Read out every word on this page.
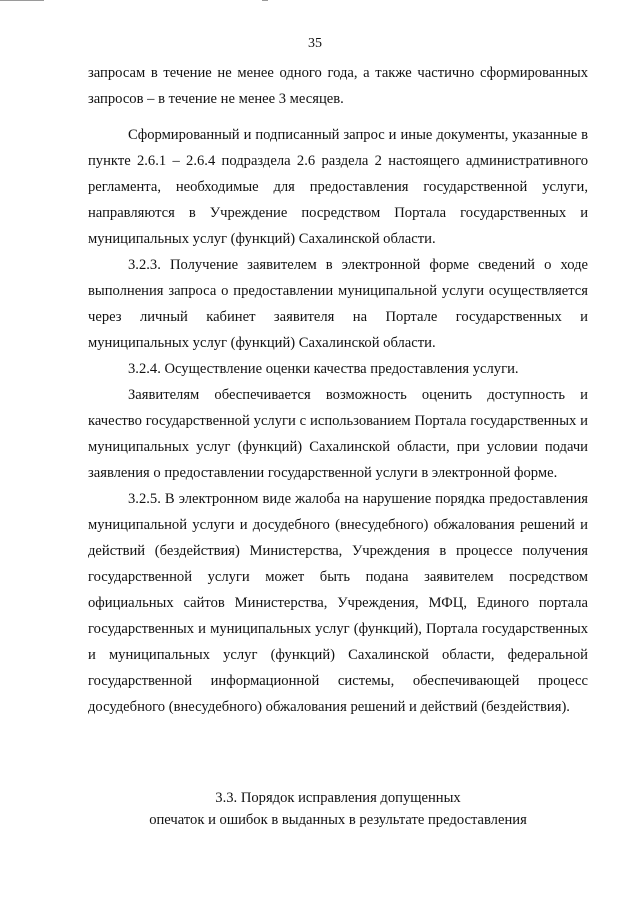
35

запросам в течение не менее одного года, а также частично сформированных запросов – в течение не менее 3 месяцев.

Сформированный и подписанный запрос и иные документы, указанные в пункте 2.6.1 – 2.6.4 подраздела 2.6 раздела 2 настоящего административного регламента, необходимые для предоставления государственной услуги, направляются в Учреждение посредством Портала государственных и муниципальных услуг (функций) Сахалинской области.

3.2.3. Получение заявителем в электронной форме сведений о ходе выполнения запроса о предоставлении муниципальной услуги осуществляется через личный кабинет заявителя на Портале государственных и муниципальных услуг (функций) Сахалинской области.

3.2.4. Осуществление оценки качества предоставления услуги.

Заявителям обеспечивается возможность оценить доступность и качество государственной услуги с использованием Портала государственных и муниципальных услуг (функций) Сахалинской области, при условии подачи заявления о предоставлении государственной услуги в электронной форме.

3.2.5. В электронном виде жалоба на нарушение порядка предоставления муниципальной услуги и досудебного (внесудебного) обжалования решений и действий (бездействия) Министерства, Учреждения в процессе получения государственной услуги может быть подана заявителем посредством официальных сайтов Министерства, Учреждения, МФЦ, Единого портала государственных и муниципальных услуг (функций), Портала государственных и муниципальных услуг (функций) Сахалинской области, федеральной государственной информационной системы, обеспечивающей процесс досудебного (внесудебного) обжалования решений и действий (бездействия).

3.3. Порядок исправления допущенных
опечаток и ошибок в выданных в результате предоставления
